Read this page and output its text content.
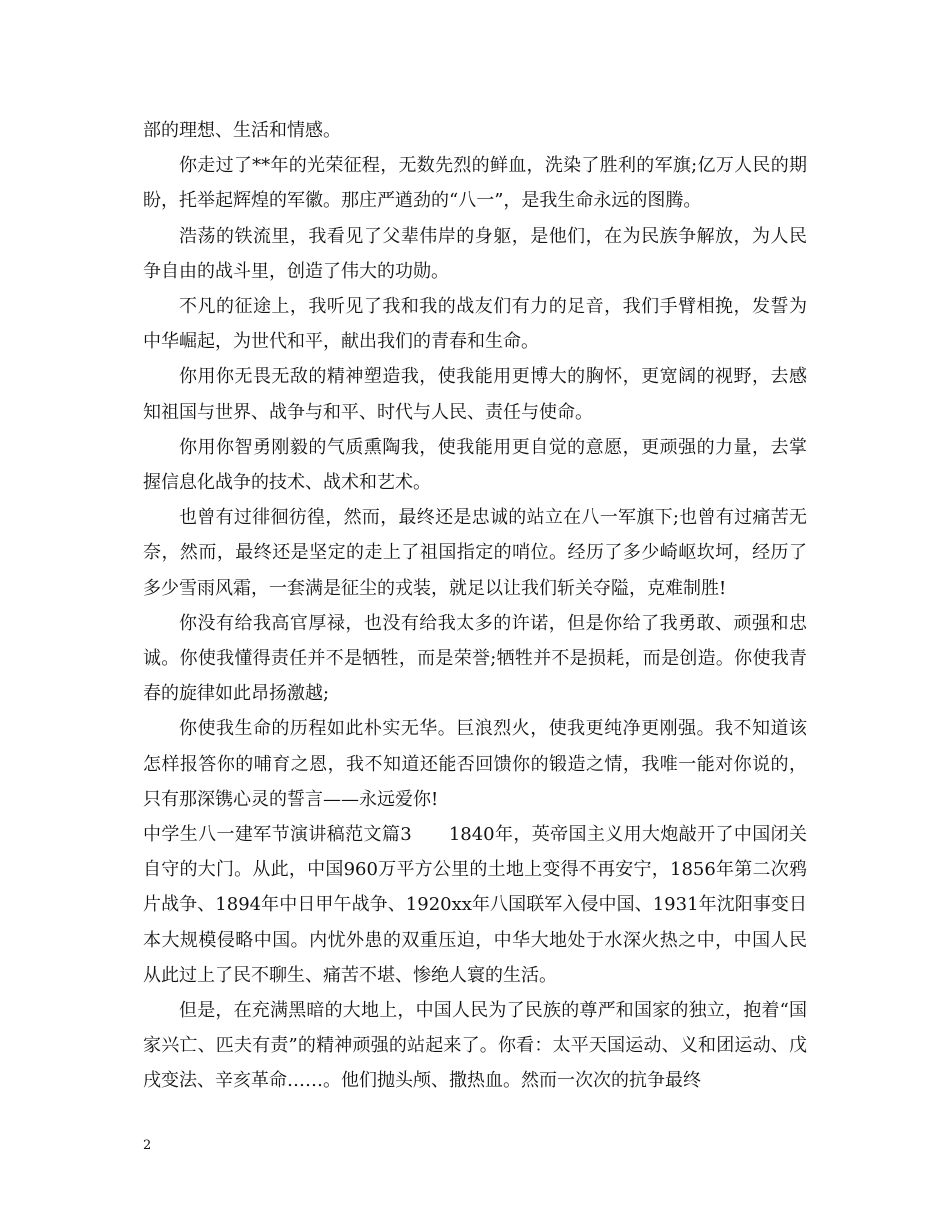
部的理想、生活和情感。

你走过了**年的光荣征程，无数先烈的鲜血，洗染了胜利的军旗;亿万人民的期盼，托举起辉煌的军徽。那庄严遒劲的“八一”，是我生命永远的图腾。

浩荡的铁流里，我看见了父辈伟岸的身躯，是他们，在为民族争解放，为人民争自由的战斗里，创造了伟大的功勋。

不凡的征途上，我听见了我和我的战友们有力的足音，我们手臂相挽，发誓为中华崛起，为世代和平，献出我们的青春和生命。

你用你无畏无敌的精神塑造我，使我能用更博大的胸怀，更宽阔的视野，去感知祖国与世界、战争与和平、时代与人民、责任与使命。

你用你智勇刚毅的气质熏陶我，使我能用更自觉的意愿，更顽强的力量，去掌握信息化战争的技术、战术和艺术。

也曾有过徘徊彷徨，然而，最终还是忠诚的站立在八一军旗下;也曾有过痛苦无奈，然而，最终还是坚定的走上了祖国指定的哨位。经历了多少崎岖坎坷，经历了多少雪雨风霜，一套满是征尘的戎装，就足以让我们斩关夺隘，克难制胜!

你没有给我高官厚禄，也没有给我太多的许诺，但是你给了我勇敢、顽强和忠诚。你使我懂得责任并不是牺牲，而是荣誉;牺牲并不是损耗，而是创造。你使我青春的旋律如此昂扬激越;

你使我生命的历程如此朴实无华。巨浪烈火，使我更纯净更刚强。我不知道该怎样报答你的哺育之恩，我不知道还能否回馈你的锻造之情，我唯一能对你说的，只有那深镌心灵的誓言——永远爱你!

中学生八一建军节演讲稿范文篇3　　1840年，英帝国主义用大炮敲开了中国闭关自守的大门。从此，中国960万平方公里的土地上变得不再安宁，1856年第二次鸦片战争、1894年中日甲午战争、1920xx年八国联军入侵中国、1931年沈阳事变日本大规模侵略中国。内忧外患的双重压迫，中华大地处于水深火热之中，中国人民从此过上了民不聊生、痛苦不堪、惨绝人寰的生活。

但是，在充满黑暗的大地上，中国人民为了民族的尊严和国家的独立，抱着“国家兴亡、匹夫有责”的精神顽强的站起来了。你看：太平天国运动、义和团运动、戊戌变法、辛亥革命……。他们抛头颅、撒热血。然而一次次的抗争最终

2
